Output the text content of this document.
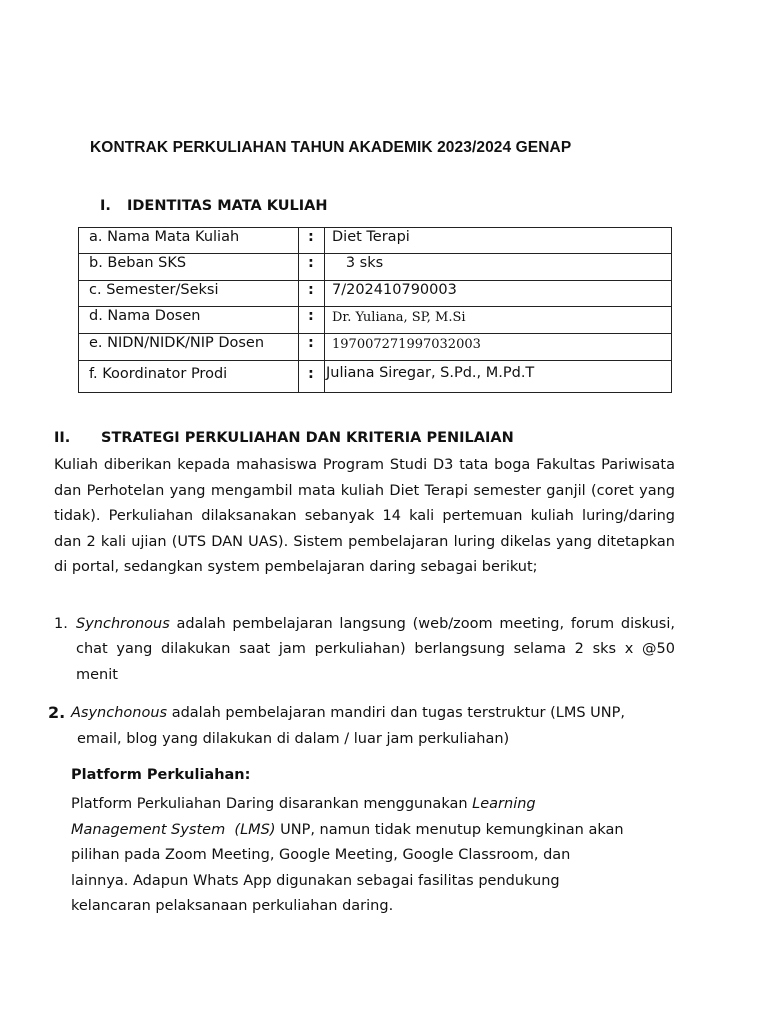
KONTRAK PERKULIAHAN TAHUN AKADEMIK 2023/2024 GENAP
I. IDENTITAS MATA KULIAH
a. Nama Mata Kuliah	:	Diet Terapi
b. Beban SKS	:	3 sks
c. Semester/Seksi	:	7/202410790003
d. Nama Dosen	:	Dr. Yuliana, SP, M.Si
e. NIDN/NIDK/NIP Dosen	:	197007271997032003
f. Koordinator Prodi	:	Juliana Siregar, S.Pd., M.Pd.T
II. STRATEGI PERKULIAHAN DAN KRITERIA PENILAIAN
Kuliah diberikan kepada mahasiswa Program Studi D3 tata boga Fakultas Pariwisata dan Perhotelan yang mengambil mata kuliah Diet Terapi semester ganjil (coret yang tidak). Perkuliahan dilaksanakan sebanyak 14 kali pertemuan kuliah luring/daring dan 2 kali ujian (UTS DAN UAS). Sistem pembelajaran luring dikelas yang ditetapkan di portal, sedangkan system pembelajaran daring sebagai berikut;
1. Synchronous adalah pembelajaran langsung (web/zoom meeting, forum diskusi, chat yang dilakukan saat jam perkuliahan) berlangsung selama 2 sks x @50 menit
2. Asynchonous adalah pembelajaran mandiri dan tugas terstruktur (LMS UNP,
email, blog yang dilakukan di dalam / luar jam perkuliahan)
Platform Perkuliahan:
Platform Perkuliahan Daring disarankan menggunakan Learning
Management System  (LMS) UNP, namun tidak menutup kemungkinan akan
pilihan pada Zoom Meeting, Google Meeting, Google Classroom, dan
lainnya. Adapun Whats App digunakan sebagai fasilitas pendukung
kelancaran pelaksanaan perkuliahan daring.
